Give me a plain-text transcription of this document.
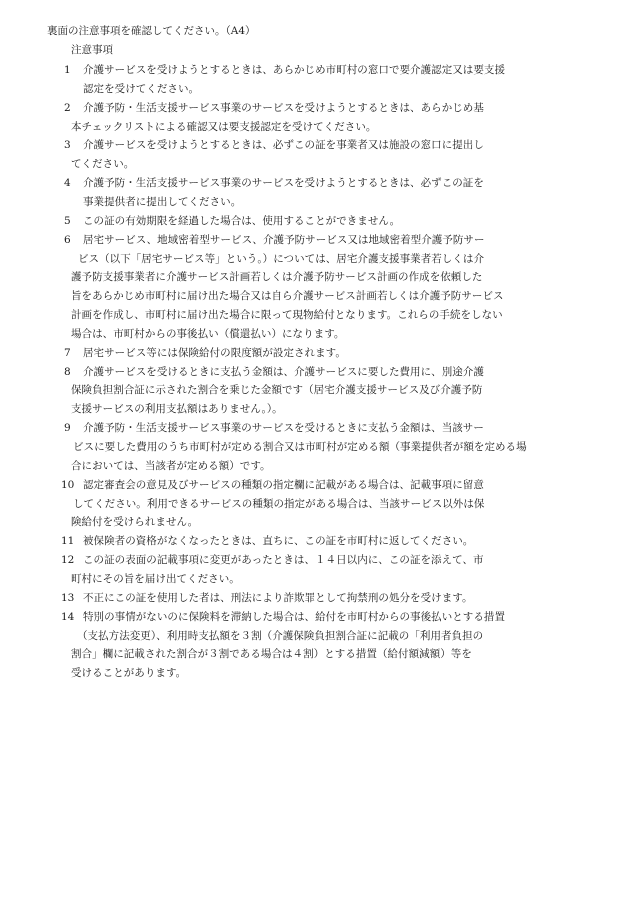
裏面の注意事項を確認してください。（A4）
注意事項
1 介護サービスを受けようとするときは、あらかじめ市町村の窓口で要介護認定又は要支援
認定を受けてください。
2 介護予防・生活支援サービス事業のサービスを受けようとするときは、あらかじめ基
本チェックリストによる確認又は要支援認定を受けてください。
3 介護サービスを受けようとするときは、必ずこの証を事業者又は施設の窓口に提出し
てください。
4 介護予防・生活支援サービス事業のサービスを受けようとするときは、必ずこの証を
事業提供者に提出してください。
5 この証の有効期限を経過した場合は、使用することができません。
6 居宅サービス、地域密着型サービス、介護予防サービス又は地域密着型介護予防サー
ビス（以下「居宅サービス等」という。）については、居宅介護支援事業者若しくは介
護予防支援事業者に介護サービス計画若しくは介護予防サービス計画の作成を依頼した
旨をあらかじめ市町村に届け出た場合又は自ら介護サービス計画若しくは介護予防サービス
計画を作成し、市町村に届け出た場合に限って現物給付となります。これらの手続をしない
場合は、市町村からの事後払い（償還払い）になります。
7 居宅サービス等には保険給付の限度額が設定されます。
8 介護サービスを受けるときに支払う金額は、介護サービスに要した費用に、別途介護
保険負担割合証に示された割合を乗じた金額です（居宅介護支援サービス及び介護予防
支援サービスの利用支払額はありません。）。
9 介護予防・生活支援サービス事業のサービスを受けるときに支払う金額は、当該サー
ビスに要した費用のうち市町村が定める割合又は市町村が定める額（事業提供者が額を定める場
合においては、当該者が定める額）です。
10 認定審査会の意見及びサービスの種類の指定欄に記載がある場合は、記載事項に留意
してください。利用できるサービスの種類の指定がある場合は、当該サービス以外は保
険給付を受けられません。
11 被保険者の資格がなくなったときは、直ちに、この証を市町村に返してください。
12 この証の表面の記載事項に変更があったときは、１４日以内に、この証を添えて、市
町村にその旨を届け出てください。
13 不正にこの証を使用した者は、刑法により詐欺罪として拘禁刑の処分を受けます。
14 特別の事情がないのに保険料を滞納した場合は、給付を市町村からの事後払いとする措置
（支払方法変更）、利用時支払額を３割（介護保険負担割合証に記載の「利用者負担の
割合」欄に記載された割合が３割である場合は４割）とする措置（給付額減額）等を
受けることがあります。
